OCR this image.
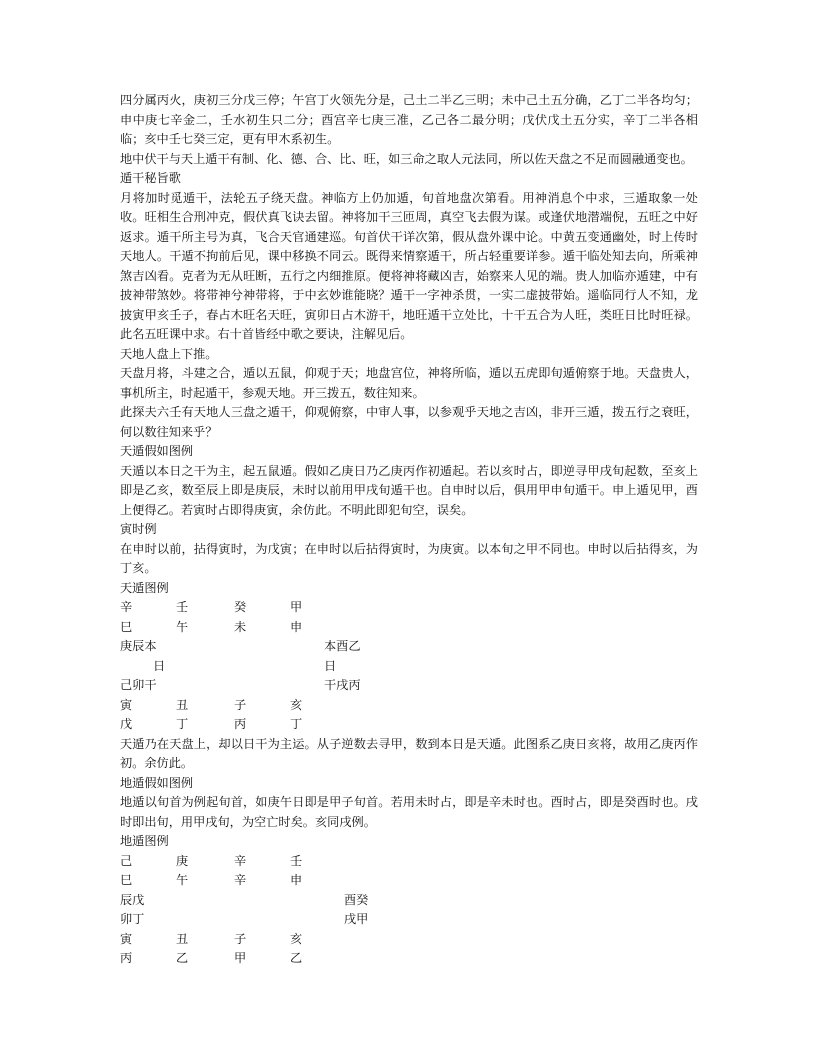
四分属丙火，庚初三分戊三停；午宫丁火领先分是，己土二半乙三明；未中己土五分确，乙丁二半各均匀；申中庚七辛金二，壬水初生只二分；酉宫辛七庚三准，乙己各二最分明；戊伏戊土五分实，辛丁二半各相临；亥中壬七癸三定，更有甲木系初生。

地中伏干与天上遁干有制、化、德、合、比、旺，如三命之取人元法同，所以佐天盘之不足而圆融通变也。

遁干秘旨歌

月将加时觅遁干，法轮五子绕天盘。神临方上仍加遁，旬首地盘次第看。用神消息个中求，三遁取象一处收。旺相生合刑冲克，假伏真飞诀去留。神将加干三匝周，真空飞去假为谋。或逢伏地潜端倪，五旺之中好返求。遁干所主号为真，飞合天官通建巡。旬首伏干详次第，假从盘外课中论。中黄五变通幽处，时上传时天地人。干遁不拘前后见，课中移换不同云。既得来情察遁干，所占轻重要详参。遁干临处知去向，所乘神煞吉凶看。克者为无从旺断，五行之内细推原。便将神将藏凶吉，始察来人见的端。贵人加临亦遁建，中有披神带煞妙。将带神兮神带将，于中玄妙谁能晓？遁干一字神杀贯，一实二虚披带始。遥临同行人不知，龙披寅甲亥壬子，春占木旺名天旺，寅卯日占木游干，地旺遁干立处比，十干五合为人旺，类旺日比时旺禄。此名五旺课中求。右十首皆经中歌之要诀，注解见后。

天地人盘上下推。

天盘月将，斗建之合，遁以五鼠，仰观于天；地盘宫位，神将所临，遁以五虎即旬遁俯察于地。天盘贵人，事机所主，时起遁干，参观天地。开三拨五，数往知来。

此探夫六壬有天地人三盘之遁干，仰观俯察，中审人事，以参观乎天地之吉凶，非开三遁，拨五行之衰旺，何以数往知来乎？

天遁假如图例

天遁以本日之干为主，起五鼠遁。假如乙庚日乃乙庚丙作初遁起。若以亥时占，即逆寻甲戌旬起数，至亥上即是乙亥，数至辰上即是庚辰，未时以前用甲戌旬遁干也。自申时以后，俱用甲申旬遁干。申上遁见甲，酉上便得乙。若寅时占即得庚寅，余仿此。不明此即犯旬空，误矣。

寅时例

在申时以前，拈得寅时，为戊寅；在申时以后拈得寅时，为庚寅。以本旬之甲不同也。申时以后拈得亥，为丁亥。

天遁图例
辛	壬	癸	甲
巳	午	未	申
庚辰本	本酉乙
日	日
己卯干	干戌丙
寅	丑	子	亥
戊	丁	丙	丁

天遁乃在天盘上，却以日干为主运。从子逆数去寻甲，数到本日是天遁。此图系乙庚日亥将，故用乙庚丙作初。余仿此。

地遁假如图例

地遁以旬首为例起旬首，如庚午日即是甲子旬首。若用未时占，即是辛未时也。酉时占，即是癸酉时也。戌时即出旬，用甲戌旬，为空亡时矣。亥同戌例。

地遁图例
己	庚	辛	壬
巳	午	辛	申
辰戊	酉癸
卯丁	戌甲
寅	丑	子	亥
丙	乙	甲	乙
